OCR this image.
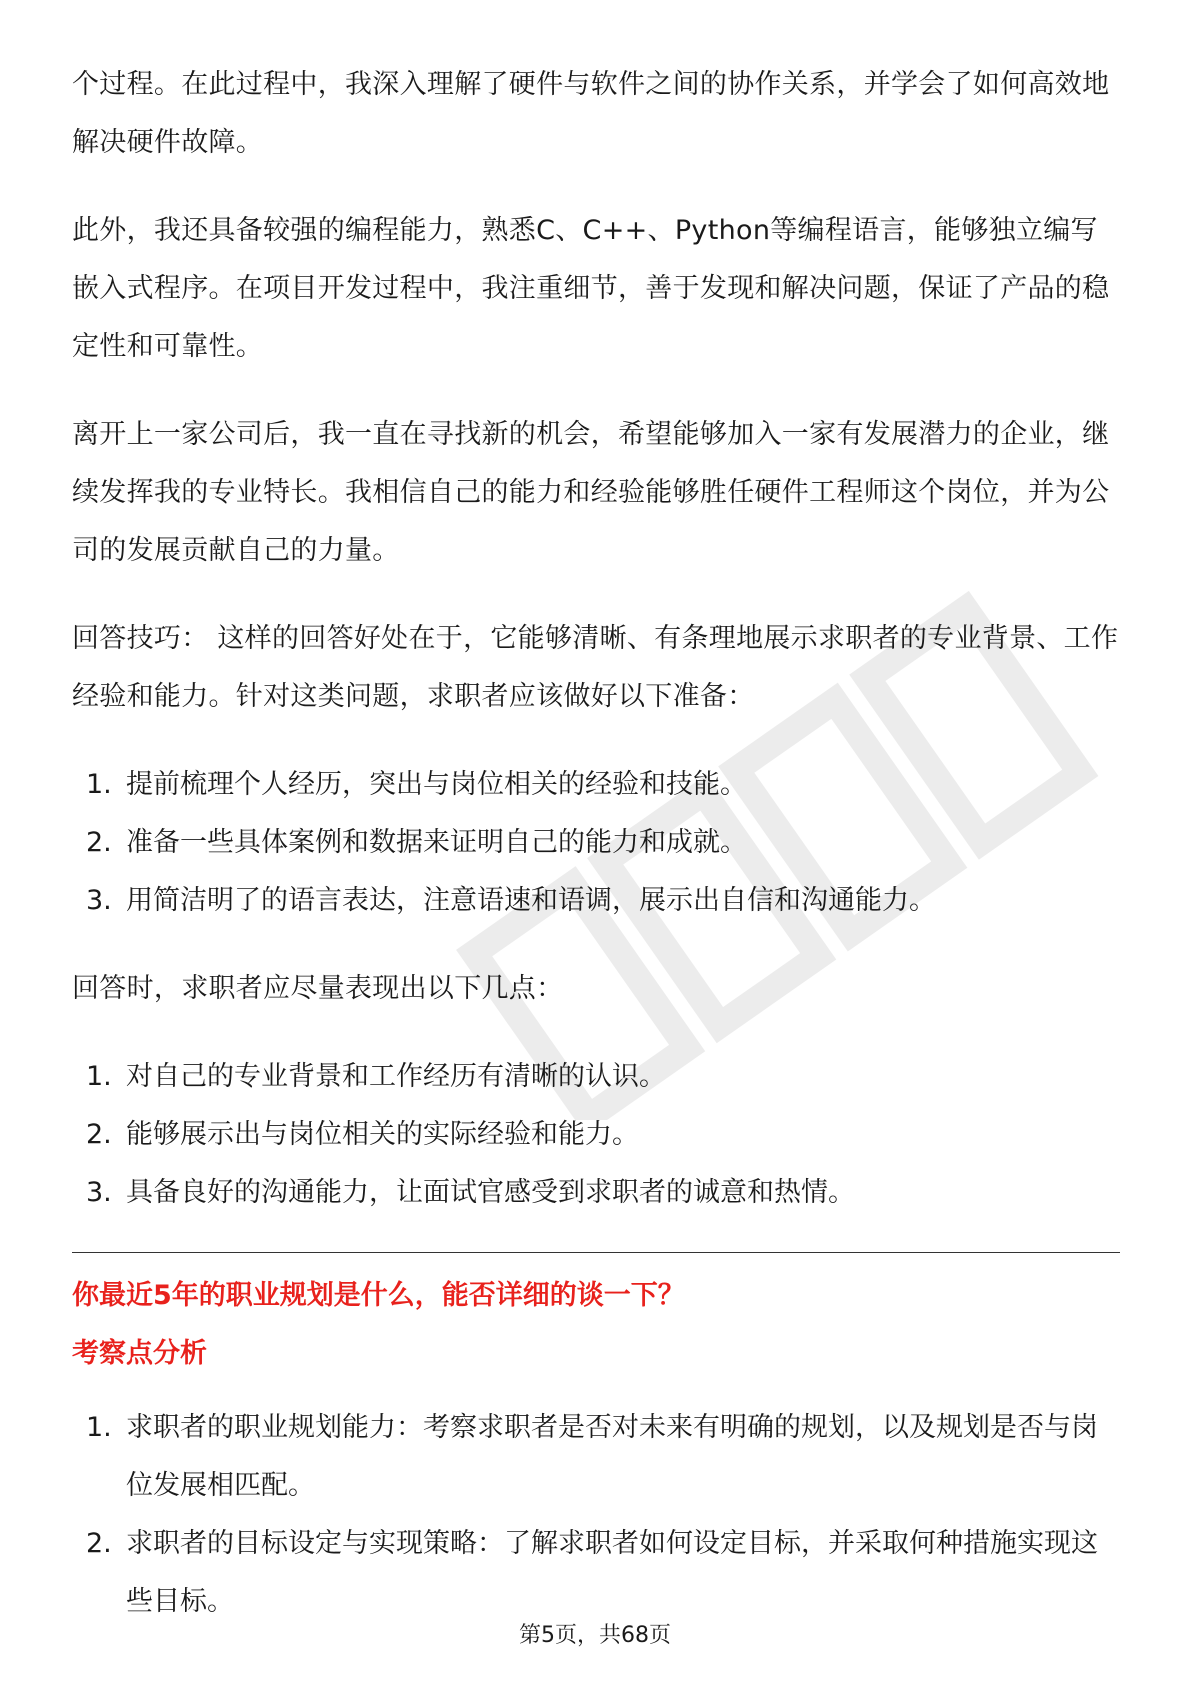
个过程。在此过程中，我深入理解了硬件与软件之间的协作关系，并学会了如何高效地解决硬件故障。

此外，我还具备较强的编程能力，熟悉C、C++、Python等编程语言，能够独立编写嵌入式程序。在项目开发过程中，我注重细节，善于发现和解决问题，保证了产品的稳定性和可靠性。

离开上一家公司后，我一直在寻找新的机会，希望能够加入一家有发展潜力的企业，继续发挥我的专业特长。我相信自己的能力和经验能够胜任硬件工程师这个岗位，并为公司的发展贡献自己的力量。

回答技巧： 这样的回答好处在于，它能够清晰、有条理地展示求职者的专业背景、工作经验和能力。针对这类问题，求职者应该做好以下准备：

1. 提前梳理个人经历，突出与岗位相关的经验和技能。
2. 准备一些具体案例和数据来证明自己的能力和成就。
3. 用简洁明了的语言表达，注意语速和语调，展示出自信和沟通能力。

回答时，求职者应尽量表现出以下几点：

1. 对自己的专业背景和工作经历有清晰的认识。
2. 能够展示出与岗位相关的实际经验和能力。
3. 具备良好的沟通能力，让面试官感受到求职者的诚意和热情。

你最近5年的职业规划是什么，能否详细的谈一下？

考察点分析

1. 求职者的职业规划能力：考察求职者是否对未来有明确的规划，以及规划是否与岗位发展相匹配。
2. 求职者的目标设定与实现策略：了解求职者如何设定目标，并采取何种措施实现这些目标。
第5页，共68页
